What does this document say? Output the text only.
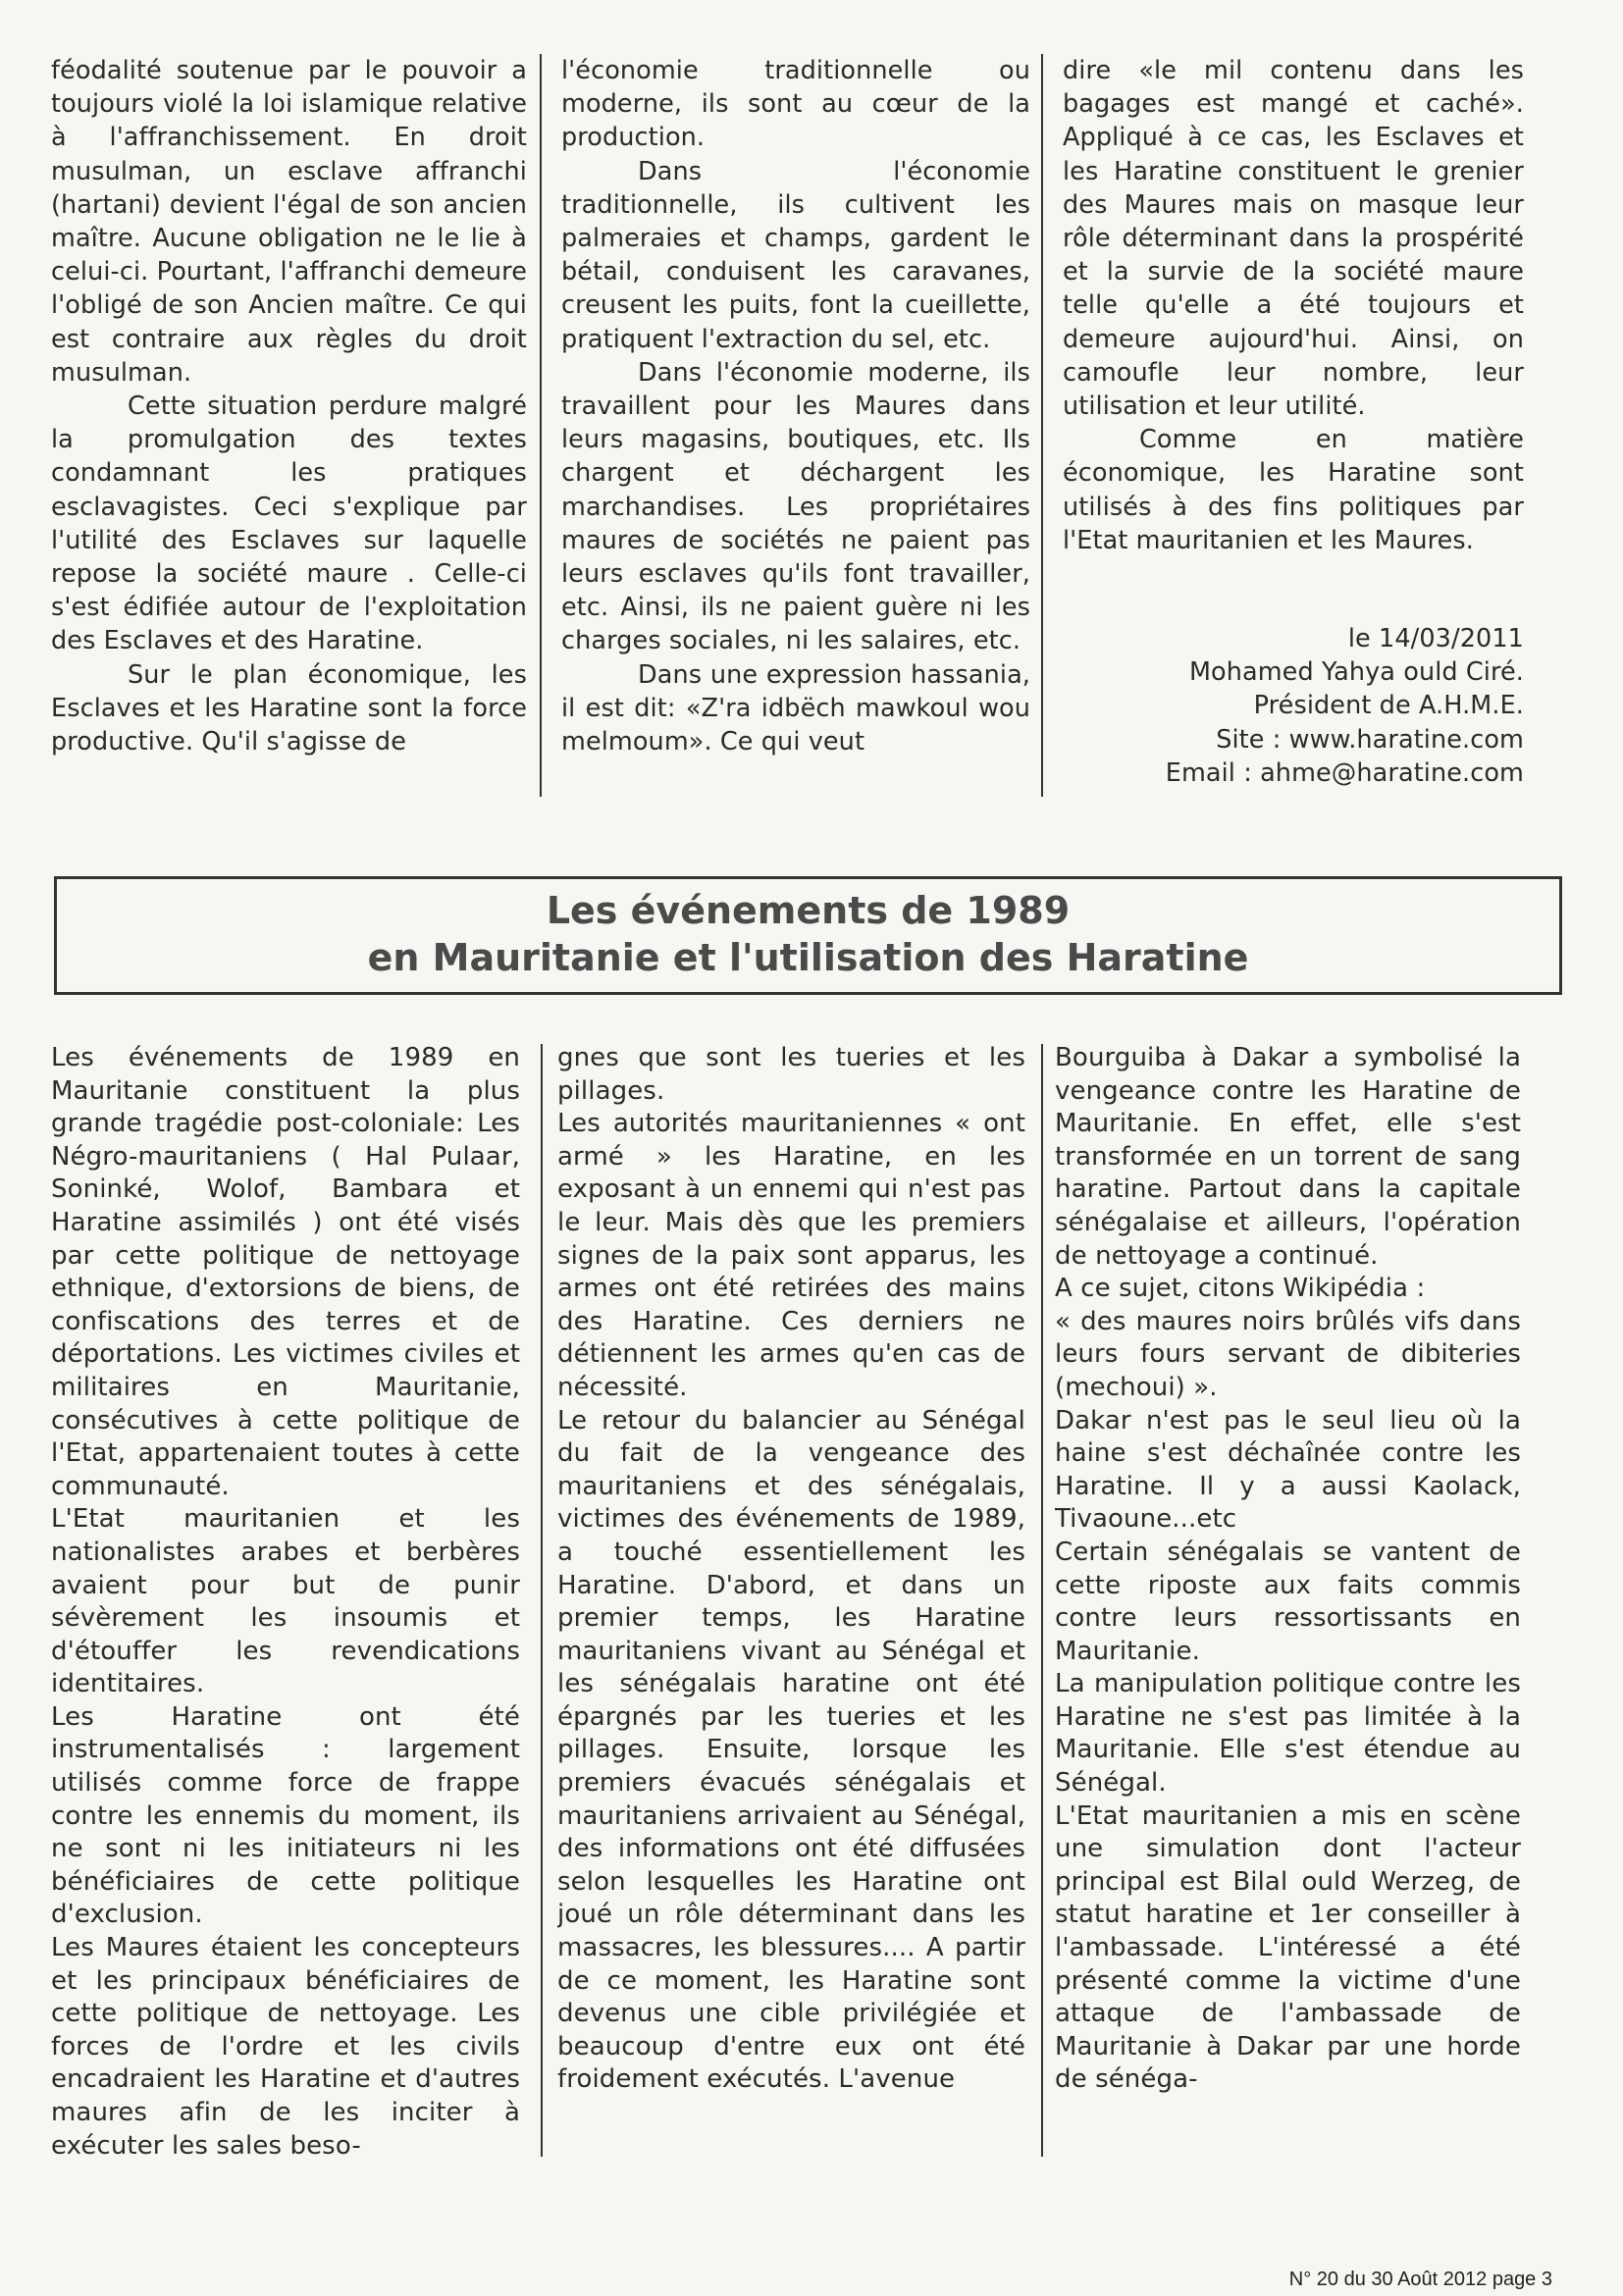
féodalité soutenue par le pouvoir a toujours violé la loi islamique relative à l'affranchissement. En droit musulman, un esclave affranchi (hartani) devient l'égal de son ancien maître. Aucune obligation ne le lie à celui-ci. Pourtant, l'affranchi demeure l'obligé de son Ancien maître. Ce qui est contraire aux règles du droit musulman.

Cette situation perdure malgré la promulgation des textes condamnant les pratiques esclavagistes. Ceci s'explique par l'utilité des Esclaves sur laquelle repose la société maure . Celle-ci s'est édifiée autour de l'exploitation des Esclaves et des Haratine.

Sur le plan économique, les Esclaves et les Haratine sont la force productive. Qu'il s'agisse de

l'économie traditionnelle ou moderne, ils sont au cœur de la production.

Dans l'économie traditionnelle, ils cultivent les palmeraies et champs, gardent le bétail, conduisent les caravanes, creusent les puits, font la cueillette, pratiquent l'extraction du sel, etc.

Dans l'économie moderne, ils travaillent pour les Maures dans leurs magasins, boutiques, etc. Ils chargent et déchargent les marchandises. Les propriétaires maures de sociétés ne paient pas leurs esclaves qu'ils font travailler, etc. Ainsi, ils ne paient guère ni les charges sociales, ni les salaires, etc.

Dans une expression hassania, il est dit: «Z'ra idbëch mawkoul wou melmoum». Ce qui veut

dire «le mil contenu dans les bagages est mangé et caché». Appliqué à ce cas, les Esclaves et les Haratine constituent le grenier des Maures mais on masque leur rôle déterminant dans la prospérité et la survie de la société maure telle qu'elle a été toujours et demeure aujourd'hui. Ainsi, on camoufle leur nombre, leur utilisation et leur utilité.

Comme en matière économique, les Haratine sont utilisés à des fins politiques par l'Etat mauritanien et les Maures.

le 14/03/2011

Mohamed Yahya ould Ciré.

Président de A.H.M.E.

Site : www.haratine.com

Email : ahme@haratine.com

Les événements de 1989
en Mauritanie et l'utilisation des Haratine

Les événements de 1989 en Mauritanie constituent la plus grande tragédie post-coloniale: Les Négro-mauritaniens ( Hal Pulaar, Soninké, Wolof, Bambara et Haratine assimilés ) ont été visés par cette politique de nettoyage ethnique, d'extorsions de biens, de confiscations des terres et de déportations. Les victimes civiles et militaires en Mauritanie, consécutives à cette politique de l'Etat, appartenaient toutes à cette communauté.

L'Etat mauritanien et les nationalistes arabes et berbères avaient pour but de punir sévèrement les insoumis et d'étouffer les revendications identitaires.

Les Haratine ont été instrumentalisés : largement utilisés comme force de frappe contre les ennemis du moment, ils ne sont ni les initiateurs ni les bénéficiaires de cette politique d'exclusion.

Les Maures étaient les concepteurs et les principaux bénéficiaires de cette politique de nettoyage. Les forces de l'ordre et les civils encadraient les Haratine et d'autres maures afin de les inciter à exécuter les sales beso-

gnes que sont les tueries et les pillages.

Les autorités mauritaniennes « ont armé » les Haratine, en les exposant à un ennemi qui n'est pas le leur. Mais dès que les premiers signes de la paix sont apparus, les armes ont été retirées des mains des Haratine. Ces derniers ne détiennent les armes qu'en cas de nécessité.

Le retour du balancier au Sénégal du fait de la vengeance des mauritaniens et des sénégalais, victimes des événements de 1989, a touché essentiellement les Haratine. D'abord, et dans un premier temps, les Haratine mauritaniens vivant au Sénégal et les sénégalais haratine ont été épargnés par les tueries et les pillages. Ensuite, lorsque les premiers évacués sénégalais et mauritaniens arrivaient au Sénégal, des informations ont été diffusées selon lesquelles les Haratine ont joué un rôle déterminant dans les massacres, les blessures.... A partir de ce moment, les Haratine sont devenus une cible privilégiée et beaucoup d'entre eux ont été froidement exécutés. L'avenue

Bourguiba à Dakar a symbolisé la vengeance contre les Haratine de Mauritanie. En effet, elle s'est transformée en un torrent de sang haratine. Partout dans la capitale sénégalaise et ailleurs, l'opération de nettoyage a continué.

A ce sujet, citons Wikipédia :

« des maures noirs brûlés vifs dans leurs fours servant de dibiteries (mechoui) ».

Dakar n'est pas le seul lieu où la haine s'est déchaînée contre les Haratine. Il y a aussi Kaolack, Tivaoune...etc

Certain sénégalais se vantent de cette riposte aux faits commis contre leurs ressortissants en Mauritanie.

La manipulation politique contre les Haratine ne s'est pas limitée à la Mauritanie. Elle s'est étendue au Sénégal.

L'Etat mauritanien a mis en scène une simulation dont l'acteur principal est Bilal ould Werzeg, de statut haratine et 1er conseiller à l'ambassade. L'intéressé a été présenté comme la victime d'une attaque de l'ambassade de Mauritanie à Dakar par une horde de sénéga-

N° 20 du 30 Août 2012 page 3
